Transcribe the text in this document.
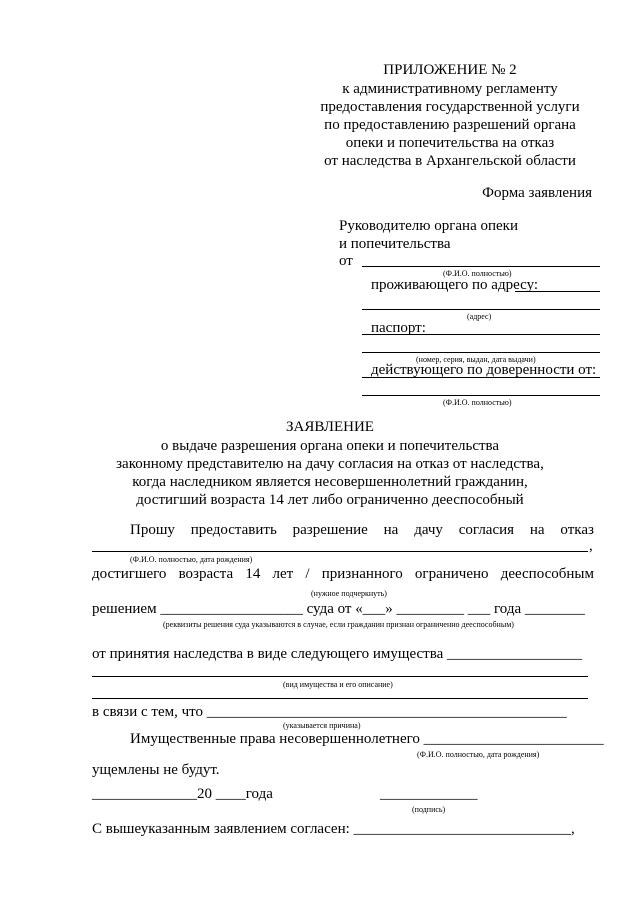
ПРИЛОЖЕНИЕ № 2
к административному регламенту
предоставления государственной услуги
по предоставлению разрешений органа
опеки и попечительства на отказ
от наследства в Архангельской области
Форма заявления
Руководителю органа опеки
и попечительства
от
(Ф.И.О. полностью)
проживающего по адресу:
(адрес)
паспорт:
(номер, серия, выдан, дата выдачи)
действующего по доверенности от:
(Ф.И.О. полностью)
ЗАЯВЛЕНИЕ
о выдаче разрешения органа опеки и попечительства
законному представителю на дачу согласия на отказ от наследства,
когда наследником является несовершеннолетний гражданин,
достигший возраста 14 лет либо ограниченно дееспособный
Прошу предоставить разрешение на дачу согласия на отказ
,
(Ф.И.О. полностью, дата рождения)
достигшего возраста 14 лет / признанного ограничено дееспособным
(нужное подчеркнуть)
решением ___________________ суда от «___» _________ ___ года ________
(реквизиты решения суда указываются в случае, если гражданин признан ограниченно дееспособным)
от принятия наследства в виде следующего имущества __________________
(вид имущества и его описание)
в связи с тем, что ________________________________________________
(указывается причина)
Имущественные права несовершеннолетнего ________________________
(Ф.И.О. полностью, дата рождения)
ущемлены не будут.
______________20 ____года	_____________
(подпись)
С вышеуказанным заявлением согласен: _____________________________,
